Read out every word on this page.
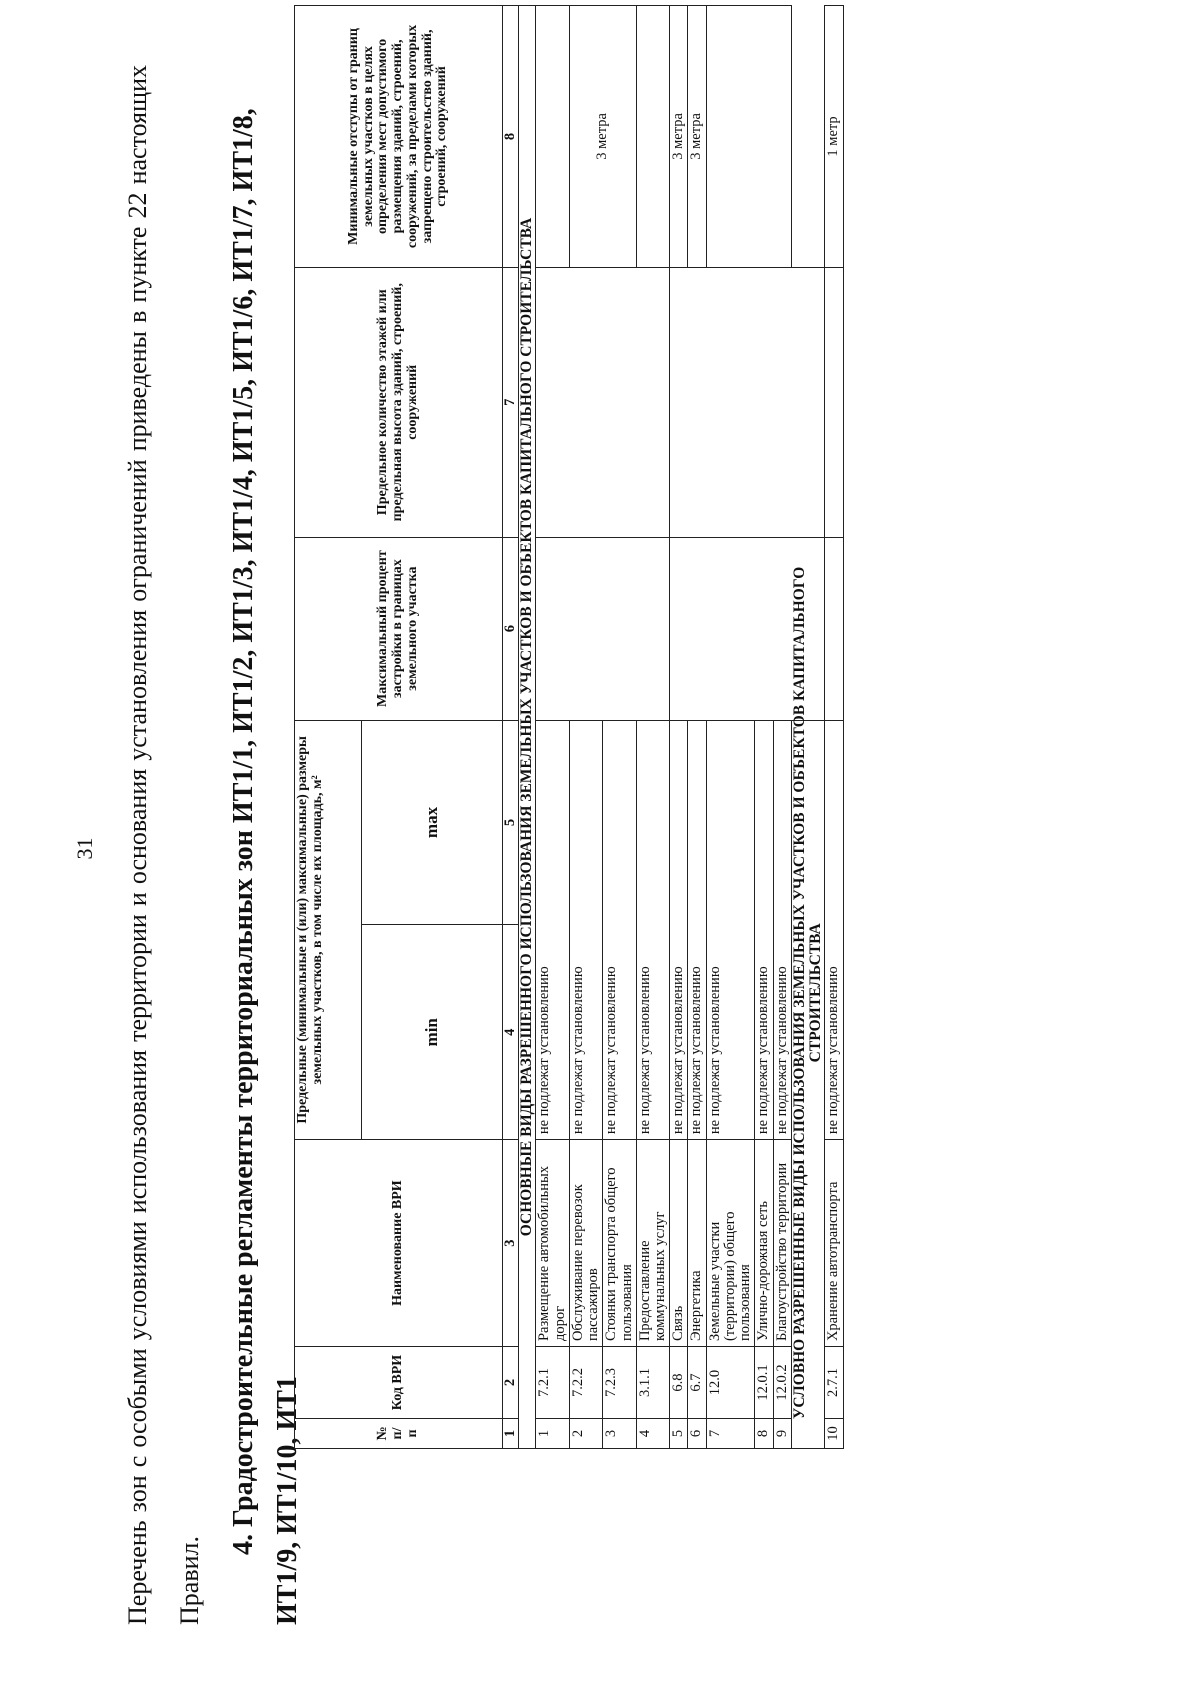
31	Перечень зон с особыми условиями использования территории и основания установления ограничений приведены в пункте 22 настоящих Правил.
4. Градостроительные регламенты территориальных зон ИТ1/1, ИТ1/2, ИТ1/3, ИТ1/4, ИТ1/5, ИТ1/6, ИТ1/7, ИТ1/8, ИТ1/9, ИТ1/10, ИТ1	№ п/п	Код ВРИ	Наименование ВРИ	Предельные (минимальные и (или) максимальные) размеры земельных участков, в том числе их площадь, м²		Максимальный процент застройки в границах земельного участка	Предельное количество этажей или предельная высота зданий, строений, сооружений	Минимальные отступы от границ земельных участков в целях определения мест допустимого размещения зданий, строений, сооружений, за пределами которых запрещено строительство зданий, строений, сооружений
			min	max			
1	2	3	4	5	6	7	8
ОСНОВНЫЕ ВИДЫ РАЗРЕШЕННОГО ИСПОЛЬЗОВАНИЯ ЗЕМЕЛЬНЫХ УЧАСТКОВ И ОБЪЕКТОВ КАПИТАЛЬНОГО СТРОИТЕЛЬСТВА							
1	7.2.1	Размещение автомобильных дорог	не подлежат установлению				
2	7.2.2	Обслуживание перевозок пассажиров	не подлежат установлению				3 метра
3	7.2.3	Стоянки транспорта общего пользования	не подлежат установлению				
4	3.1.1	Предоставление коммунальных услуг	не подлежат установлению				
5	6.8	Связь	не подлежат установлению				3 метра
6	6.7	Энергетика	не подлежат установлению				3 метра
7	12.0	Земельные участки (территории) общего пользования	не подлежат установлению				
8	12.0.1	Улично-дорожная сеть	не подлежат установлению				
9	12.0.2	Благоустройство территории	не подлежат установлению				
УСЛОВНО РАЗРЕШЕННЫЕ ВИДЫ ИСПОЛЬЗОВАНИЯ ЗЕМЕЛЬНЫХ УЧАСТКОВ И ОБЪЕКТОВ КАПИТАЛЬНОГО СТРОИТЕЛЬСТВА							
10	2.7.1	Хранение автотранспорта	не подлежат установлению				1 метр
